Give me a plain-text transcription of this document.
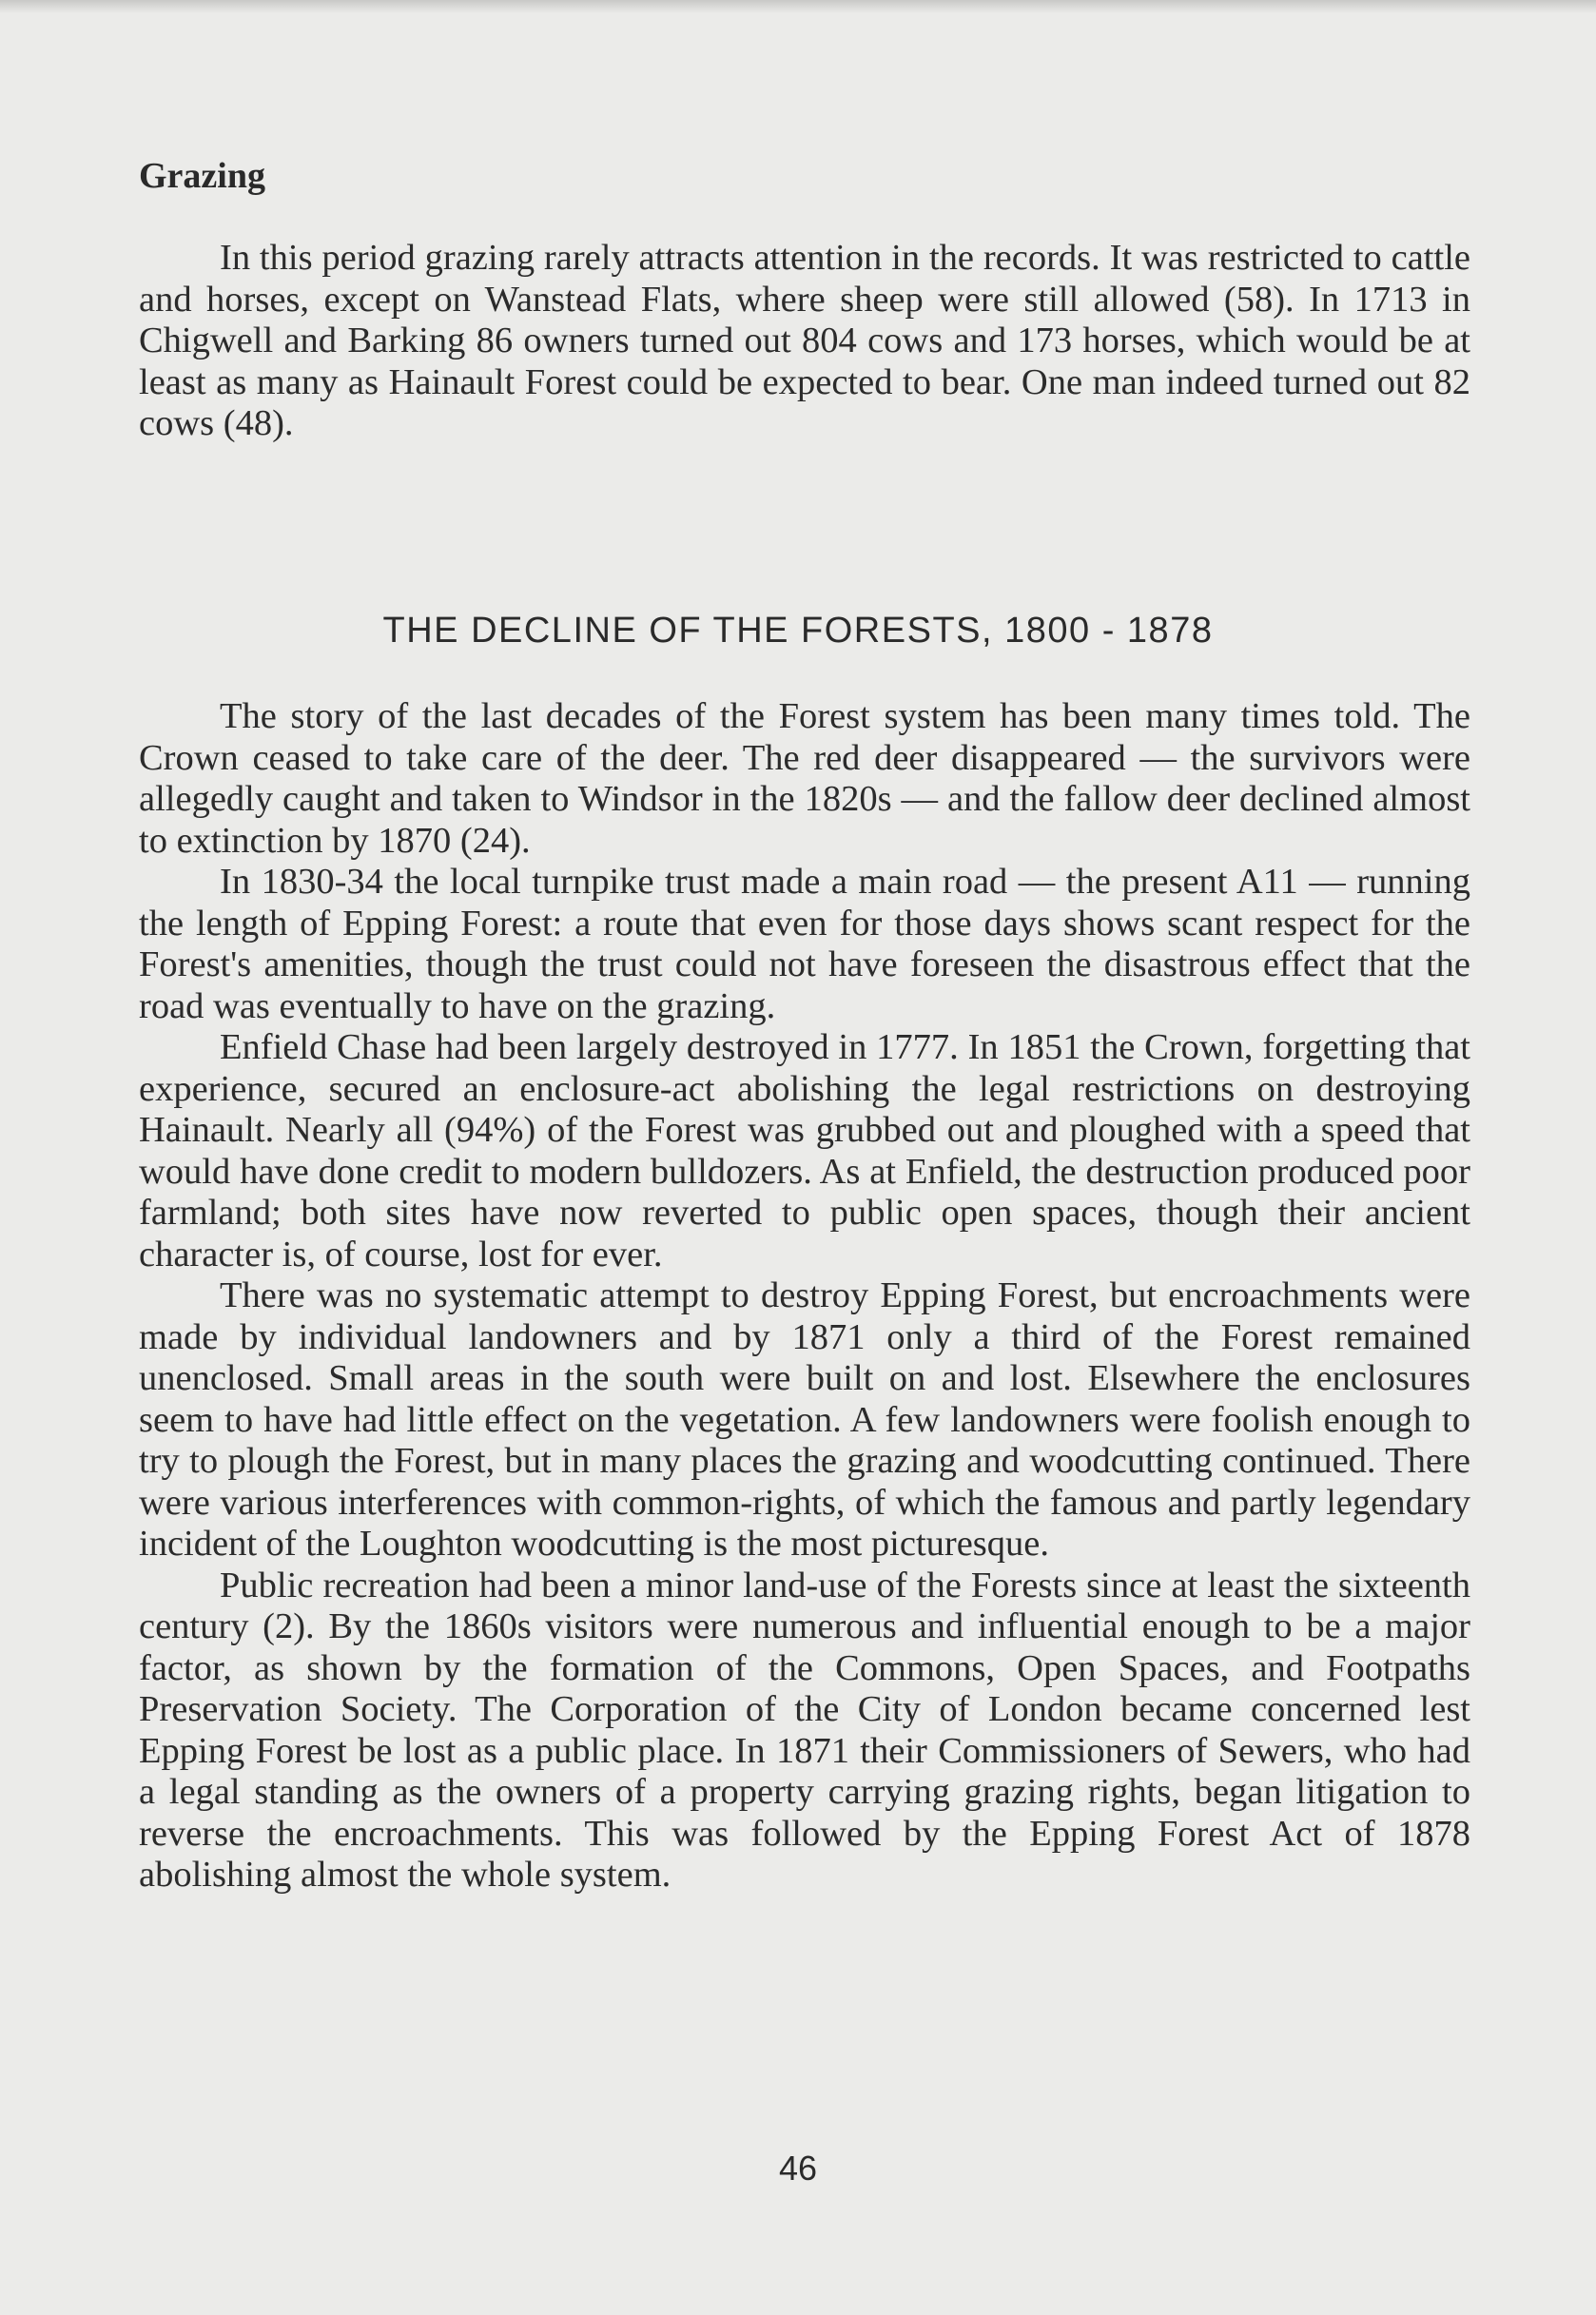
Grazing

In this period grazing rarely attracts attention in the records. It was restricted to cattle and horses, except on Wanstead Flats, where sheep were still allowed (58). In 1713 in Chigwell and Barking 86 owners turned out 804 cows and 173 horses, which would be at least as many as Hainault Forest could be expected to bear. One man indeed turned out 82 cows (48).

THE DECLINE OF THE FORESTS, 1800 - 1878

The story of the last decades of the Forest system has been many times told. The Crown ceased to take care of the deer. The red deer disappeared — the survivors were allegedly caught and taken to Windsor in the 1820s — and the fallow deer declined almost to extinction by 1870 (24).

In 1830-34 the local turnpike trust made a main road — the present A11 — running the length of Epping Forest: a route that even for those days shows scant respect for the Forest's amenities, though the trust could not have foreseen the disastrous effect that the road was eventually to have on the grazing.

Enfield Chase had been largely destroyed in 1777. In 1851 the Crown, forgetting that experience, secured an enclosure-act abolishing the legal restrictions on destroying Hainault. Nearly all (94%) of the Forest was grubbed out and ploughed with a speed that would have done credit to modern bulldozers. As at Enfield, the destruction produced poor farmland; both sites have now reverted to public open spaces, though their ancient character is, of course, lost for ever.

There was no systematic attempt to destroy Epping Forest, but encroachments were made by individual landowners and by 1871 only a third of the Forest remained unenclosed. Small areas in the south were built on and lost. Elsewhere the enclosures seem to have had little effect on the vegetation. A few landowners were foolish enough to try to plough the Forest, but in many places the grazing and woodcutting continued. There were various interferences with common-rights, of which the famous and partly legendary incident of the Loughton woodcutting is the most picturesque.

Public recreation had been a minor land-use of the Forests since at least the sixteenth century (2). By the 1860s visitors were numerous and influential enough to be a major factor, as shown by the formation of the Commons, Open Spaces, and Footpaths Preservation Society. The Corporation of the City of London became concerned lest Epping Forest be lost as a public place. In 1871 their Commissioners of Sewers, who had a legal standing as the owners of a property carrying grazing rights, began litigation to reverse the encroachments. This was followed by the Epping Forest Act of 1878 abolishing almost the whole system.

46
